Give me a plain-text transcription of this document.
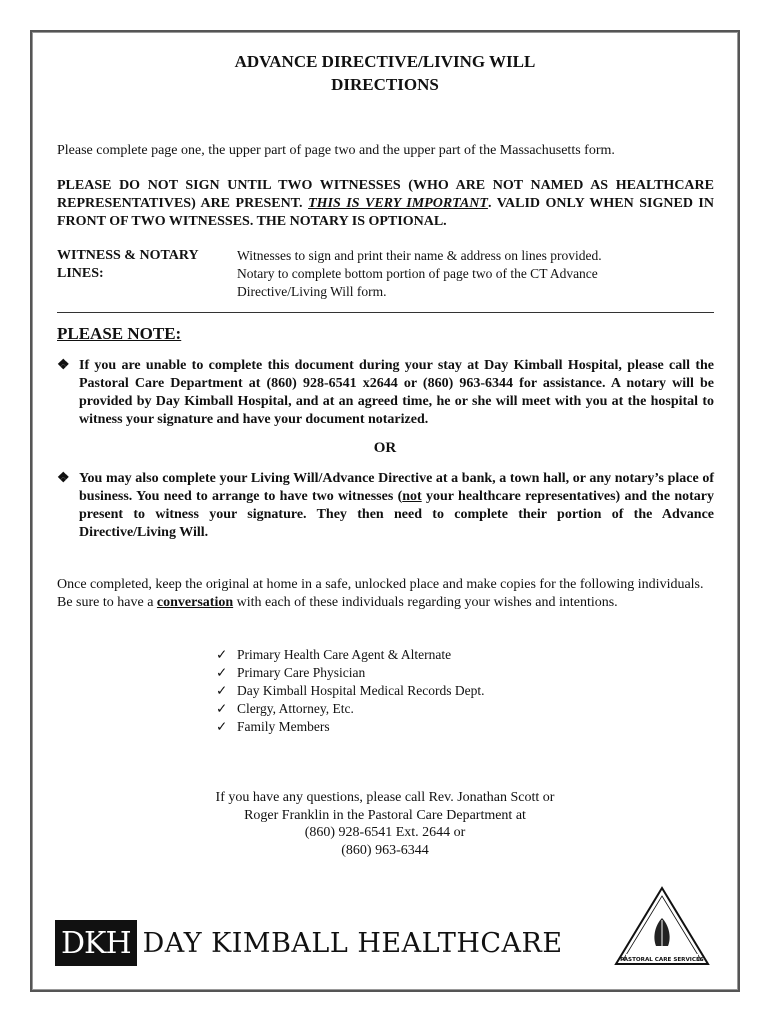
ADVANCE DIRECTIVE/LIVING WILL
DIRECTIONS
Please complete page one, the upper part of page two and the upper part of the Massachusetts form.
PLEASE DO NOT SIGN UNTIL TWO WITNESSES (WHO ARE NOT NAMED AS HEALTHCARE REPRESENTATIVES) ARE PRESENT. THIS IS VERY IMPORTANT. VALID ONLY WHEN SIGNED IN FRONT OF TWO WITNESSES. THE NOTARY IS OPTIONAL.
WITNESS & NOTARY
LINES:
Witnesses to sign and print their name & address on lines provided.
Notary to complete bottom portion of page two of the CT Advance
Directive/Living Will form.
PLEASE NOTE:
❖ If you are unable to complete this document during your stay at Day Kimball Hospital, please call the Pastoral Care Department at (860) 928-6541 x2644 or (860) 963-6344 for assistance. A notary will be provided by Day Kimball Hospital, and at an agreed time, he or she will meet with you at the hospital to witness your signature and have your document notarized.
OR
❖ You may also complete your Living Will/Advance Directive at a bank, a town hall, or any notary’s place of business. You need to arrange to have two witnesses (not your healthcare representatives) and the notary present to witness your signature. They then need to complete their portion of the Advance Directive/Living Will.
Once completed, keep the original at home in a safe, unlocked place and make copies for the following individuals. Be sure to have a conversation with each of these individuals regarding your wishes and intentions.
✓ Primary Health Care Agent & Alternate
✓ Primary Care Physician
✓ Day Kimball Hospital Medical Records Dept.
✓ Clergy, Attorney, Etc.
✓ Family Members
If you have any questions, please call Rev. Jonathan Scott or
Roger Franklin in the Pastoral Care Department at
(860) 928-6541 Ext. 2644 or
(860) 963-6344
DKH DAY KIMBALL HEALTHCARE
PASTORAL CARE SERVICES
